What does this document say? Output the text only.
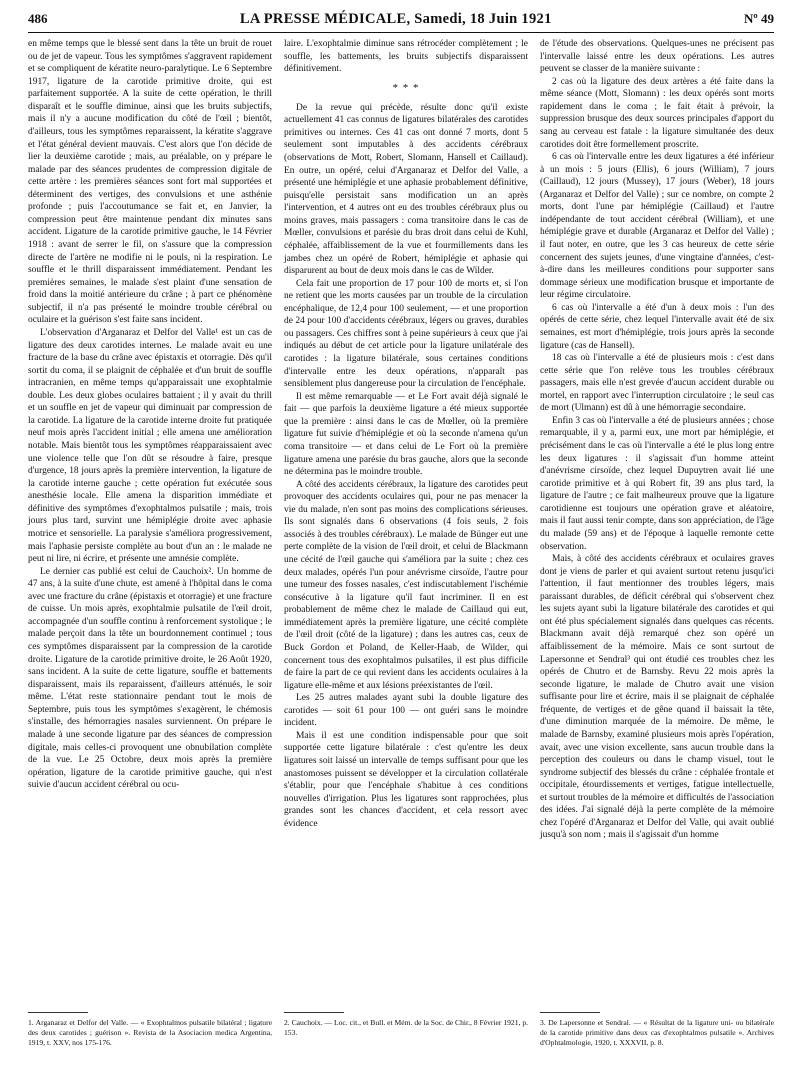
486	LA PRESSE MÉDICALE, Samedi, 18 Juin 1921	Nº 49

en même temps que le blessé sent dans la tête un bruit de rouet ou de jet de vapeur. Tous les symptômes s'aggravent rapidement et se compliquent de kératite neuro-paralytique. Le 6 Septembre 1917, ligature de la carotide primitive droite, qui est parfaitement supportée. A la suite de cette opération, le thrill disparaît et le souffle diminue, ainsi que les bruits subjectifs, mais il n'y a aucune modification du côté de l'œil ; bientôt, d'ailleurs, tous les symptômes reparaissent, la kératite s'aggrave et l'état général devient mauvais. C'est alors que l'on décide de lier la deuxième carotide ; mais, au préalable, on y prépare le malade par des séances prudentes de compression digitale de cette artère : les premières séances sont fort mal supportées et déterminent des vertiges, des convulsions et une asthénie profonde ; puis l'accoutumance se fait et, en Janvier, la compression peut être maintenue pendant dix minutes sans accident. Ligature de la carotide primitive gauche, le 14 Février 1918 : avant de serrer le fil, on s'assure que la compression directe de l'artère ne modifie ni le pouls, ni la respiration. Le souffle et le thrill disparaissent immédiatement. Pendant les premières semaines, le malade s'est plaint d'une sensation de froid dans la moitié antérieure du crâne ; à part ce phénomène subjectif, il n'a pas présenté le moindre trouble cérébral ou oculaire et la guérison s'est faite sans incident.

L'observation d'Arganaraz et Delfor del Valle¹ est un cas de ligature des deux carotides internes. Le malade avait eu une fracture de la base du crâne avec épistaxis et otorragie. Dès qu'il sortit du coma, il se plaignit de céphalée et d'un bruit de souffle intracranien, en même temps qu'apparaissait une exophtalmie double. Les deux globes oculaires battaient ; il y avait du thrill et un souffle en jet de vapeur qui diminuait par compression de la carotide. La ligature de la carotide interne droite fut pratiquée neuf mois après l'accident initial ; elle amena une amélioration notable. Mais bientôt tous les symptômes réapparaissaient avec une violence telle que l'on dût se résoudre à faire, presque d'urgence, 18 jours après la première intervention, la ligature de la carotide interne gauche ; cette opération fut exécutée sous anesthésie locale. Elle amena la disparition immédiate et définitive des symptômes d'exophtalmos pulsatile ; mais, trois jours plus tard, survint une hémiplégie droite avec aphasie motrice et sensorielle. La paralysie s'améliora progressivement, mais l'aphasie persiste complète au bout d'un an : le malade ne peut ni lire, ni écrire, et présente une amnésie complète.

Le dernier cas publié est celui de Cauchoix². Un homme de 47 ans, à la suite d'une chute, est amené à l'hôpital dans le coma avec une fracture du crâne (épistaxis et otorragie) et une fracture de cuisse. Un mois après, exophtalmie pulsatile de l'œil droit, accompagnée d'un souffle continu à renforcement systolique ; le malade perçoit dans la tête un bourdonnement continuel ; tous ces symptômes disparaissent par la compression de la carotide droite. Ligature de la carotide primitive droite, le 26 Août 1920, sans incident. A la suite de cette ligature, souffle et battements disparaissent, mais ils reparaissent, d'ailleurs atténués, le soir même. L'état reste stationnaire pendant tout le mois de Septembre, puis tous les symptômes s'exagèrent, le chémosis s'installe, des hémorragies nasales surviennent. On prépare le malade à une seconde ligature par des séances de compression digitale, mais celles-ci provoquent une obnubilation complète de la vue. Le 25 Octobre, deux mois après la première opération, ligature de la carotide primitive gauche, qui n'est suivie d'aucun accident cérébral ou ocu-

laire. L'exophtalmie diminue sans rétrocéder complètement ; le souffle, les battements, les bruits subjectifs disparaissent définitivement.

* * *

De la revue qui précède, résulte donc qu'il existe actuellement 41 cas connus de ligatures bilatérales des carotides primitives ou internes. Ces 41 cas ont donné 7 morts, dont 5 seulement sont imputables à des accidents cérébraux (observations de Mott, Robert, Slomann, Hansell et Caillaud). En outre, un opéré, celui d'Arganaraz et Delfor del Valle, a présenté une hémiplégie et une aphasie probablement définitive, puisqu'elle persistait sans modification un an après l'intervention, et 4 autres ont eu des troubles cérébraux plus ou moins graves, mais passagers : coma transitoire dans le cas de Mœller, convulsions et parésie du bras droit dans celui de Kuhl, céphalée, affaiblissement de la vue et fourmillements dans les jambes chez un opéré de Robert, hémiplégie et aphasie qui disparurent au bout de deux mois dans le cas de Wilder.

Cela fait une proportion de 17 pour 100 de morts et, si l'on ne retient que les morts causées par un trouble de la circulation encéphalique, de 12,4 pour 100 seulement, — et une proportion de 24 pour 100 d'accidents cérébraux, légers ou graves, durables ou passagers. Ces chiffres sont à peine supérieurs à ceux que j'ai indiqués au début de cet article pour la ligature unilatérale des carotides : la ligature bilatérale, sous certaines conditions d'intervalle entre les deux opérations, n'apparaît pas sensiblement plus dangereuse pour la circulation de l'encéphale.

Il est même remarquable — et Le Fort avait déjà signalé le fait — que parfois la deuxième ligature a été mieux supportée que la première : ainsi dans le cas de Mœller, où la première ligature fut suivie d'hémiplégie et où la seconde n'amena qu'un coma transitoire — et dans celui de Le Fort où la première ligature amena une parésie du bras gauche, alors que la seconde ne détermina pas le moindre trouble.

A côté des accidents cérébraux, la ligature des carotides peut provoquer des accidents oculaires qui, pour ne pas menacer la vie du malade, n'en sont pas moins des complications sérieuses. Ils sont signalés dans 6 observations (4 fois seuls, 2 fois associés à des troubles cérébraux). Le malade de Bünger eut une perte complète de la vision de l'œil droit, et celui de Blackmann une cécité de l'œil gauche qui s'améliora par la suite ; chez ces deux malades, opérés l'un pour anévrisme cirsoïde, l'autre pour une tumeur des fosses nasales, c'est indiscutablement l'ischémie consécutive à la ligature qu'il faut incriminer. Il en est probablement de même chez le malade de Caillaud qui eut, immédiatement après la première ligature, une cécité complète de l'œil droit (côté de la ligature) ; dans les autres cas, ceux de Buck Gordon et Poland, de Keller-Haab, de Wilder, qui concernent tous des exophtalmos pulsatiles, il est plus difficile de faire la part de ce qui revient dans les accidents oculaires à la ligature elle-même et aux lésions préexistantes de l'œil.

Les 25 autres malades ayant subi la double ligature des carotides — soit 61 pour 100 — ont guéri sans le moindre incident.

Mais il est une condition indispensable pour que soit supportée cette ligature bilatérale : c'est qu'entre les deux ligatures soit laissé un intervalle de temps suffisant pour que les anastomoses puissent se développer et la circulation collatérale s'établir, pour que l'encéphale s'habitue à ces conditions nouvelles d'irrigation. Plus les ligatures sont rapprochées, plus grandes sont les chances d'accident, et cela ressort avec évidence

de l'étude des observations. Quelques-unes ne précisent pas l'intervalle laissé entre les deux opérations. Les autres peuvent se classer de la manière suivante :

2 cas où la ligature des deux artères a été faite dans la même séance (Mott, Slomann) : les deux opérés sont morts rapidement dans le coma ; le fait était à prévoir, la suppression brusque des deux sources principales d'apport du sang au cerveau est fatale : la ligature simultanée des deux carotides doit être formellement proscrite.

6 cas où l'intervalle entre les deux ligatures a été inférieur à un mois : 5 jours (Ellis), 6 jours (William), 7 jours (Caillaud), 12 jours (Mussey), 17 jours (Weber), 18 jours (Arganaraz et Delfor del Valle) ; sur ce nombre, on compte 2 morts, dont l'une par hémiplégie (Caillaud) et l'autre indépendante de tout accident cérébral (William), et une hémiplégie grave et durable (Arganaraz et Delfor del Valle) ; il faut noter, en outre, que les 3 cas heureux de cette série concernent des sujets jeunes, d'une vingtaine d'années, c'est-à-dire dans les meilleures conditions pour supporter sans dommage sérieux une modification brusque et importante de leur régime circulatoire.

6 cas où l'intervalle a été d'un à deux mois : l'un des opérés de cette série, chez lequel l'intervalle avait été de six semaines, est mort d'hémiplégie, trois jours après la seconde ligature (cas de Hansell).

18 cas où l'intervalle a été de plusieurs mois : c'est dans cette série que l'on relève tous les troubles cérébraux passagers, mais elle n'est grevée d'aucun accident durable ou mortel, en rapport avec l'interruption circulatoire ; le seul cas de mort (Ulmann) est dû à une hémorragie secondaire.

Enfin 3 cas où l'intervalle a été de plusieurs années ; chose remarquable, il y a, parmi eux, une mort par hémiplégie, et précisément dans le cas où l'intervalle a été le plus long entre les deux ligatures : il s'agissait d'un homme atteint d'anévrisme cirsoïde, chez lequel Dupuytren avait lié une carotide primitive et à qui Robert fit, 39 ans plus tard, la ligature de l'autre ; ce fait malheureux prouve que la ligature carotidienne est toujours une opération grave et aléatoire, mais il faut aussi tenir compte, dans son appréciation, de l'âge du malade (59 ans) et de l'époque à laquelle remonte cette observation.

Mais, à côté des accidents cérébraux et oculaires graves dont je viens de parler et qui avaient surtout retenu jusqu'ici l'attention, il faut mentionner des troubles légers, mais paraissant durables, de déficit cérébral qui s'observent chez les sujets ayant subi la ligature bilatérale des carotides et qui ont été plus spécialement signalés dans quelques cas récents. Blackmann avait déjà remarqué chez son opéré un affaiblissement de la mémoire. Mais ce sont surtout de Lapersonne et Sendral³ qui ont étudié ces troubles chez les opérés de Chutro et de Barnsby. Revu 22 mois après la seconde ligature, le malade de Chutro avait une vision suffisante pour lire et écrire, mais il se plaignait de céphalée fréquente, de vertiges et de gêne quand il baissait la tête, d'une diminution marquée de la mémoire. De même, le malade de Barnsby, examiné plusieurs mois après l'opération, avait, avec une vision excellente, sans aucun trouble dans la perception des couleurs ou dans le champ visuel, tout le syndrome subjectif des blessés du crâne : céphalée frontale et occipitale, étourdissements et vertiges, fatigue intellectuelle, et surtout troubles de la mémoire et difficultés de l'association des idées. J'ai signalé déjà la perte complète de la mémoire chez l'opéré d'Arganaraz et Delfor del Valle, qui avait oublié jusqu'à son nom ; mais il s'agissait d'un homme

1. Arganaraz et Delfor del Valle. — « Exophtalmos pulsatile bilatéral ; ligature des deux carotides ; guérison ». Revista de la Asociacion medica Argentina, 1919, t. XXV, nos 175-176.
2. Cauchoix. — Loc. cit., et Bull. et Mém. de la Soc. de Chir., 8 Février 1921, p. 153.
3. De Lapersonne et Sendral. — « Résultat de la ligature uni- ou bilatérale de la carotide primitive dans deux cas d'exophtalmos pulsatile ». Archives d'Ophtalmologie, 1920, t. XXXVII, p. 8.
